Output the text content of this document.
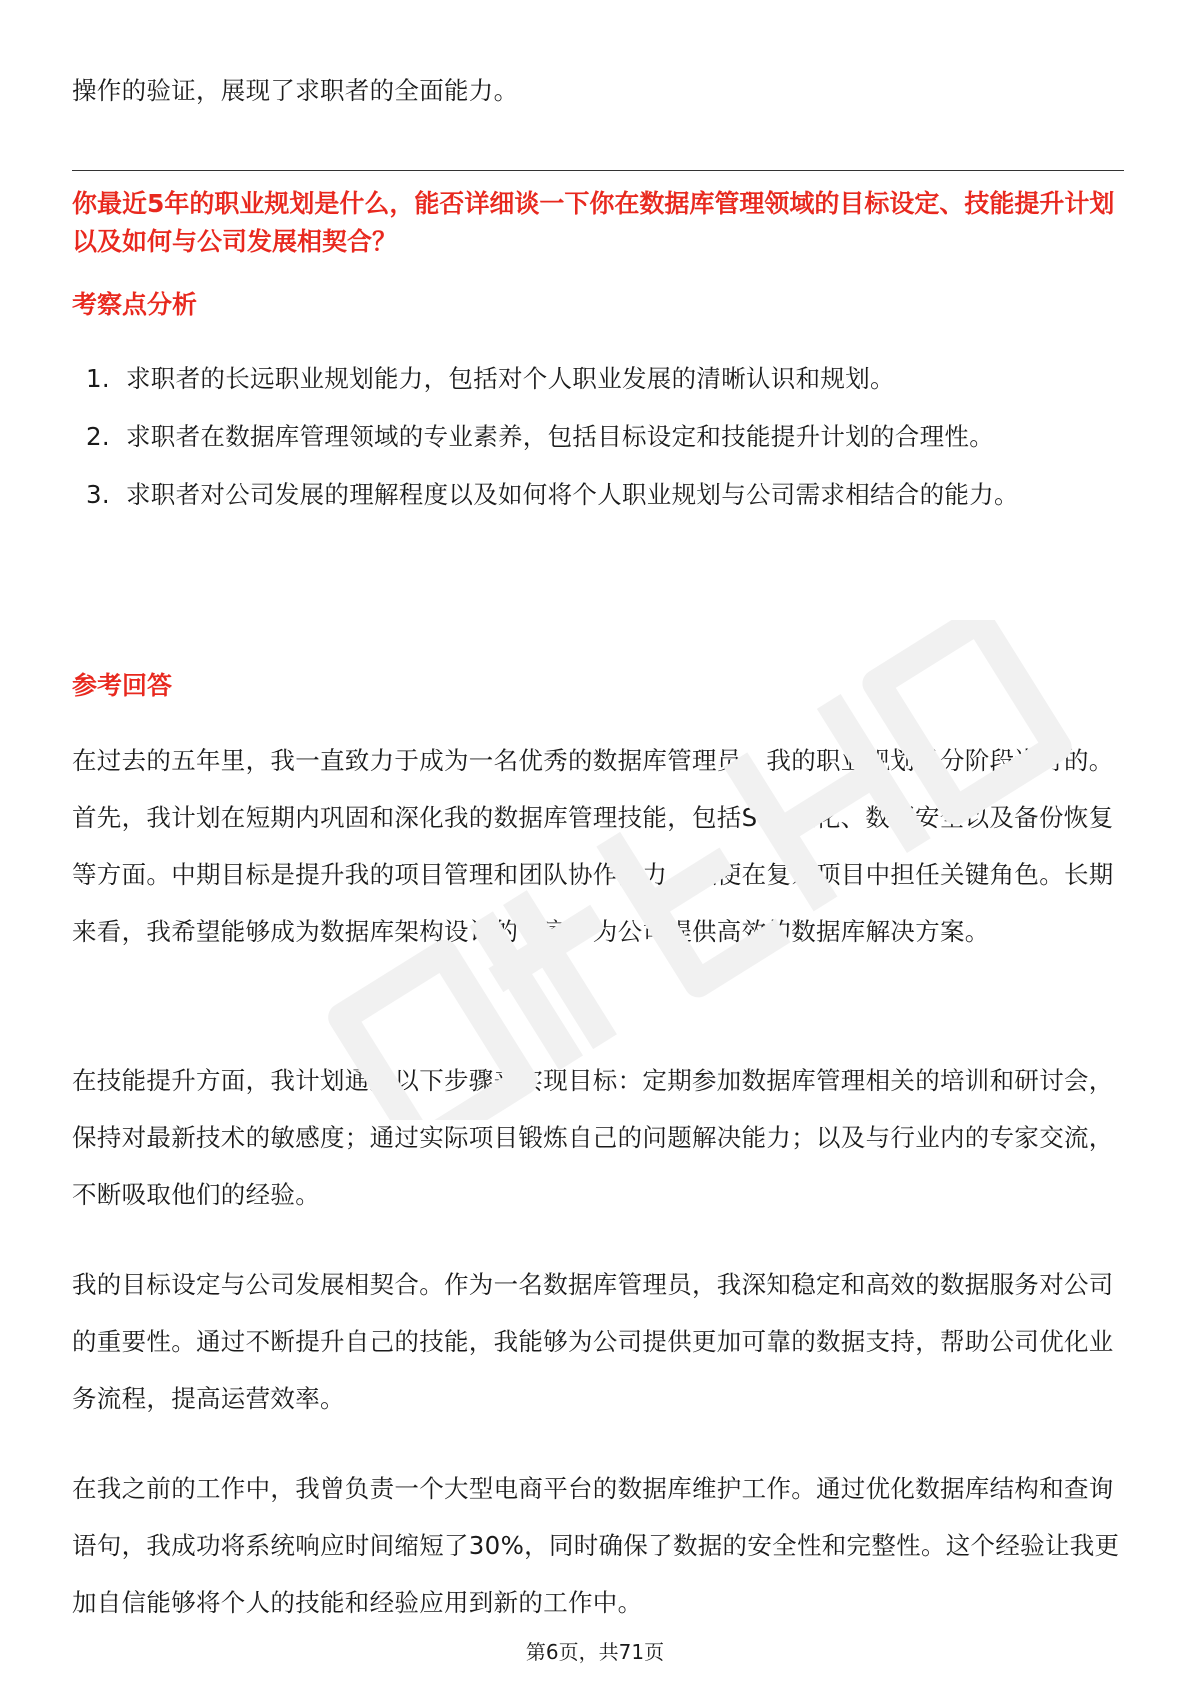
操作的验证，展现了求职者的全面能力。

你最近5年的职业规划是什么，能否详细谈一下你在数据库管理领域的目标设定、技能提升计划以及如何与公司发展相契合？

考察点分析

1. 求职者的长远职业规划能力，包括对个人职业发展的清晰认识和规划。
2. 求职者在数据库管理领域的专业素养，包括目标设定和技能提升计划的合理性。
3. 求职者对公司发展的理解程度以及如何将个人职业规划与公司需求相结合的能力。

参考回答

在过去的五年里，我一直致力于成为一名优秀的数据库管理员。我的职业规划是分阶段进行的。首先，我计划在短期内巩固和深化我的数据库管理技能，包括SQL优化、数据安全以及备份恢复等方面。中期目标是提升我的项目管理和团队协作能力，以便在复杂项目中担任关键角色。长期来看，我希望能够成为数据库架构设计的专家，为公司提供高效的数据库解决方案。

在技能提升方面，我计划通过以下步骤来实现目标：定期参加数据库管理相关的培训和研讨会，保持对最新技术的敏感度；通过实际项目锻炼自己的问题解决能力；以及与行业内的专家交流，不断吸取他们的经验。

我的目标设定与公司发展相契合。作为一名数据库管理员，我深知稳定和高效的数据服务对公司的重要性。通过不断提升自己的技能，我能够为公司提供更加可靠的数据支持，帮助公司优化业务流程，提高运营效率。

在我之前的工作中，我曾负责一个大型电商平台的数据库维护工作。通过优化数据库结构和查询语句，我成功将系统响应时间缩短了30%，同时确保了数据的安全性和完整性。这个经验让我更加自信能够将个人的技能和经验应用到新的工作中。

第6页，共71页
